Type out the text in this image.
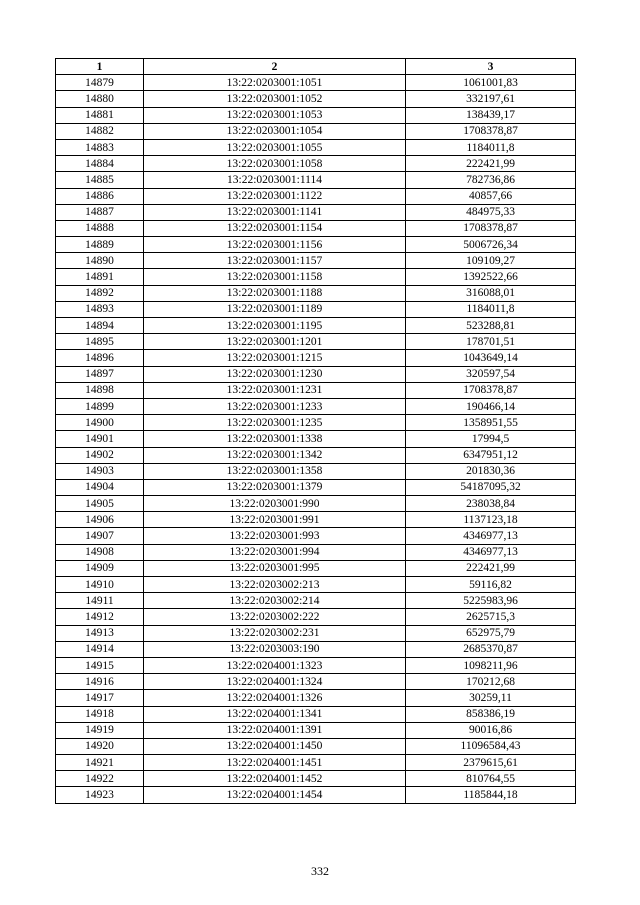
1	2	3
14879	13:22:0203001:1051	1061001,83
14880	13:22:0203001:1052	332197,61
14881	13:22:0203001:1053	138439,17
14882	13:22:0203001:1054	1708378,87
14883	13:22:0203001:1055	1184011,8
14884	13:22:0203001:1058	222421,99
14885	13:22:0203001:1114	782736,86
14886	13:22:0203001:1122	40857,66
14887	13:22:0203001:1141	484975,33
14888	13:22:0203001:1154	1708378,87
14889	13:22:0203001:1156	5006726,34
14890	13:22:0203001:1157	109109,27
14891	13:22:0203001:1158	1392522,66
14892	13:22:0203001:1188	316088,01
14893	13:22:0203001:1189	1184011,8
14894	13:22:0203001:1195	523288,81
14895	13:22:0203001:1201	178701,51
14896	13:22:0203001:1215	1043649,14
14897	13:22:0203001:1230	320597,54
14898	13:22:0203001:1231	1708378,87
14899	13:22:0203001:1233	190466,14
14900	13:22:0203001:1235	1358951,55
14901	13:22:0203001:1338	17994,5
14902	13:22:0203001:1342	6347951,12
14903	13:22:0203001:1358	201830,36
14904	13:22:0203001:1379	54187095,32
14905	13:22:0203001:990	238038,84
14906	13:22:0203001:991	1137123,18
14907	13:22:0203001:993	4346977,13
14908	13:22:0203001:994	4346977,13
14909	13:22:0203001:995	222421,99
14910	13:22:0203002:213	59116,82
14911	13:22:0203002:214	5225983,96
14912	13:22:0203002:222	2625715,3
14913	13:22:0203002:231	652975,79
14914	13:22:0203003:190	2685370,87
14915	13:22:0204001:1323	1098211,96
14916	13:22:0204001:1324	170212,68
14917	13:22:0204001:1326	30259,11
14918	13:22:0204001:1341	858386,19
14919	13:22:0204001:1391	90016,86
14920	13:22:0204001:1450	11096584,43
14921	13:22:0204001:1451	2379615,61
14922	13:22:0204001:1452	810764,55
14923	13:22:0204001:1454	1185844,18
332
